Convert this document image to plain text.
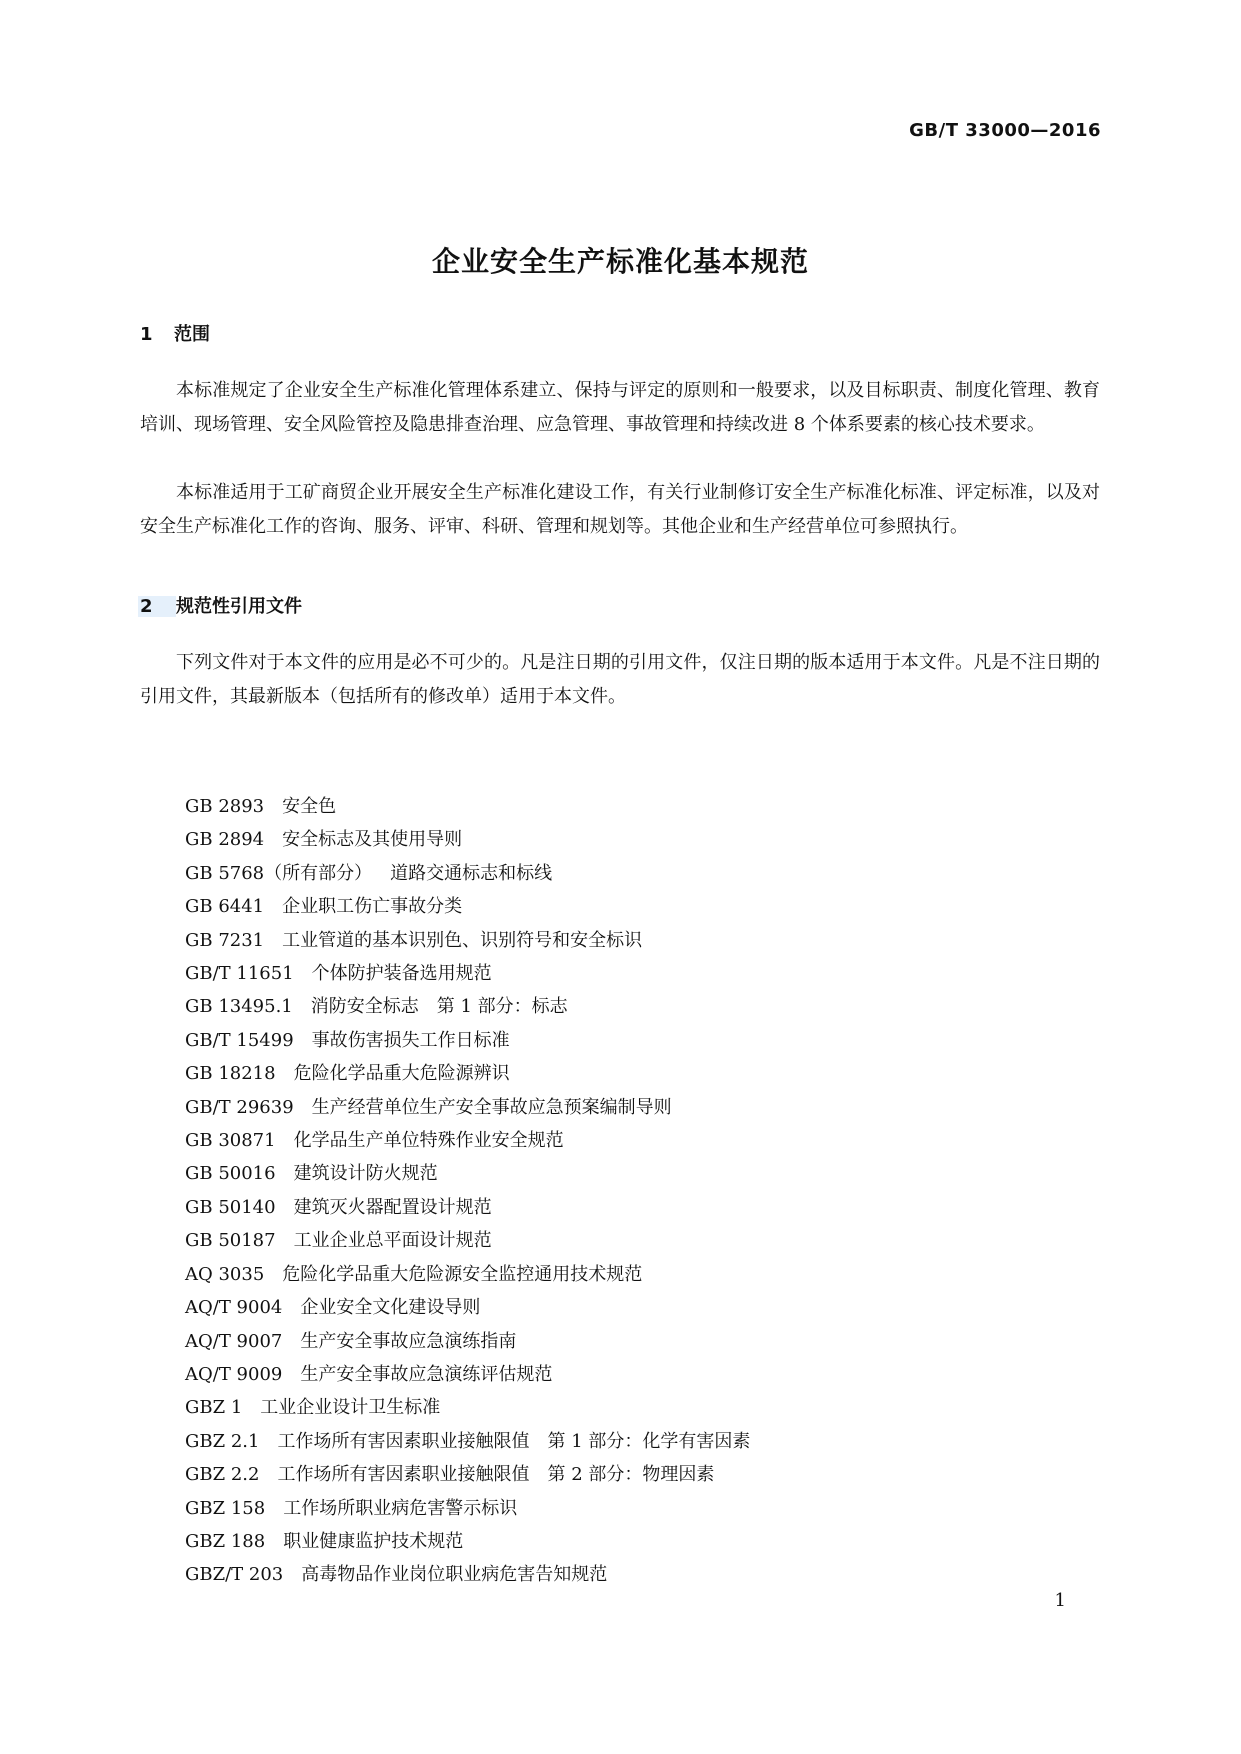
GB/T 33000—2016
企业安全生产标准化基本规范
1 范围

本标准规定了企业安全生产标准化管理体系建立、保持与评定的原则和一般要求，以及目标职责、制度化管理、教育培训、现场管理、安全风险管控及隐患排查治理、应急管理、事故管理和持续改进 8 个体系要素的核心技术要求。

本标准适用于工矿商贸企业开展安全生产标准化建设工作，有关行业制修订安全生产标准化标准、评定标准，以及对安全生产标准化工作的咨询、服务、评审、科研、管理和规划等。其他企业和生产经营单位可参照执行。

2 规范性引用文件

下列文件对于本文件的应用是必不可少的。凡是注日期的引用文件，仅注日期的版本适用于本文件。凡是不注日期的引用文件，其最新版本（包括所有的修改单）适用于本文件。

GB 2893 安全色
GB 2894 安全标志及其使用导则
GB 5768（所有部分） 道路交通标志和标线
GB 6441 企业职工伤亡事故分类
GB 7231 工业管道的基本识别色、识别符号和安全标识
GB/T 11651 个体防护装备选用规范
GB 13495.1 消防安全标志　第 1 部分：标志
GB/T 15499 事故伤害损失工作日标准
GB 18218 危险化学品重大危险源辨识
GB/T 29639 生产经营单位生产安全事故应急预案编制导则
GB 30871 化学品生产单位特殊作业安全规范
GB 50016 建筑设计防火规范
GB 50140 建筑灭火器配置设计规范
GB 50187 工业企业总平面设计规范
AQ 3035 危险化学品重大危险源安全监控通用技术规范
AQ/T 9004 企业安全文化建设导则
AQ/T 9007 生产安全事故应急演练指南
AQ/T 9009 生产安全事故应急演练评估规范
GBZ 1 工业企业设计卫生标准
GBZ 2.1 工作场所有害因素职业接触限值　第 1 部分：化学有害因素
GBZ 2.2 工作场所有害因素职业接触限值　第 2 部分：物理因素
GBZ 158 工作场所职业病危害警示标识
GBZ 188 职业健康监护技术规范
GBZ/T 203 高毒物品作业岗位职业病危害告知规范
1
